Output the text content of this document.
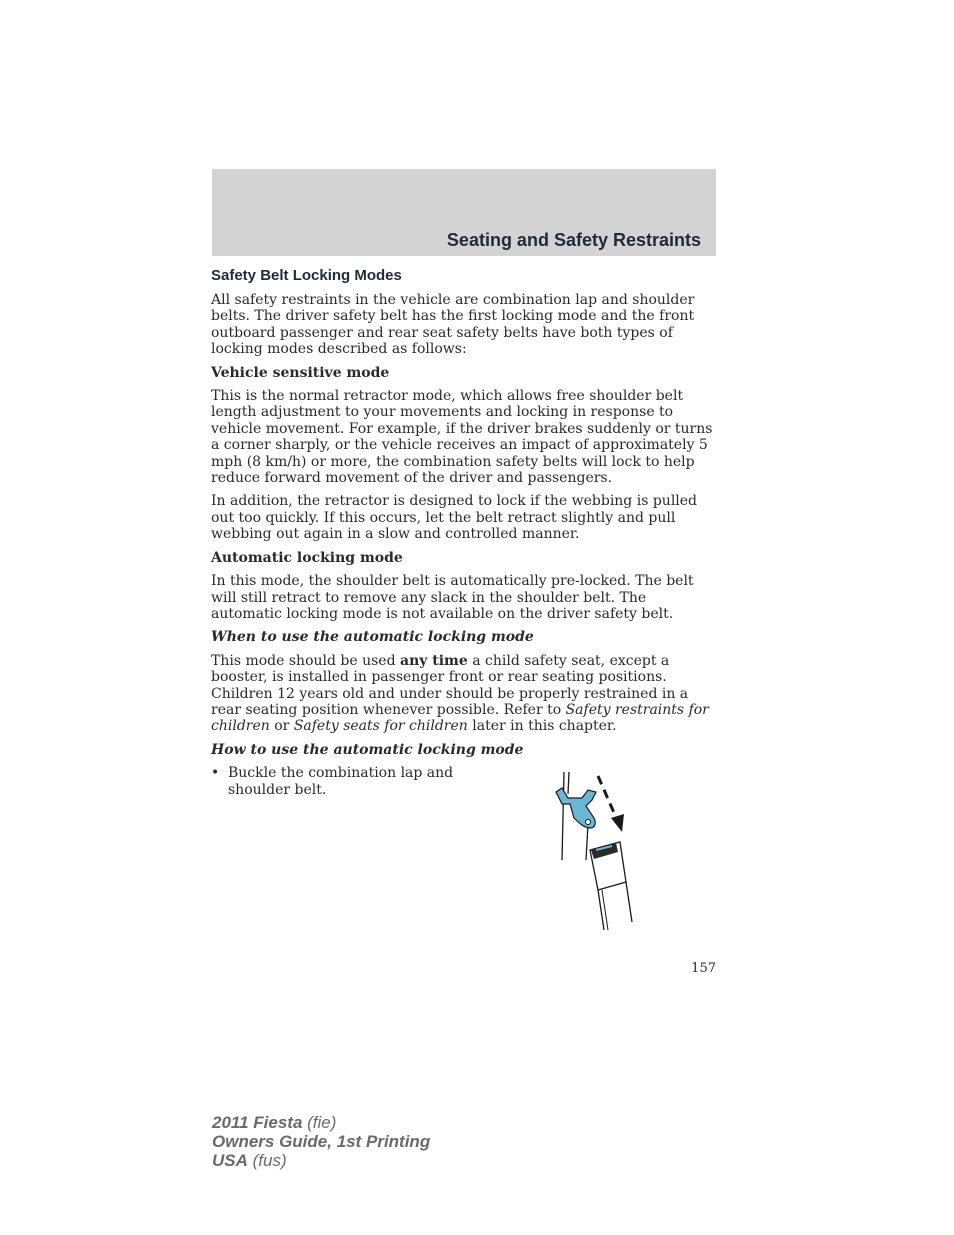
Seating and Safety Restraints
Safety Belt Locking Modes

All safety restraints in the vehicle are combination lap and shoulder belts. The driver safety belt has the first locking mode and the front outboard passenger and rear seat safety belts have both types of locking modes described as follows:

Vehicle sensitive mode

This is the normal retractor mode, which allows free shoulder belt length adjustment to your movements and locking in response to vehicle movement. For example, if the driver brakes suddenly or turns a corner sharply, or the vehicle receives an impact of approximately 5 mph (8 km/h) or more, the combination safety belts will lock to help reduce forward movement of the driver and passengers.

In addition, the retractor is designed to lock if the webbing is pulled out too quickly. If this occurs, let the belt retract slightly and pull webbing out again in a slow and controlled manner.

Automatic locking mode

In this mode, the shoulder belt is automatically pre-locked. The belt will still retract to remove any slack in the shoulder belt. The automatic locking mode is not available on the driver safety belt.

When to use the automatic locking mode

This mode should be used any time a child safety seat, except a booster, is installed in passenger front or rear seating positions. Children 12 years old and under should be properly restrained in a rear seating position whenever possible. Refer to Safety restraints for children or Safety seats for children later in this chapter.

How to use the automatic locking mode

• Buckle the combination lap and shoulder belt.
157
2011 Fiesta (fie)
Owners Guide, 1st Printing
USA (fus)
